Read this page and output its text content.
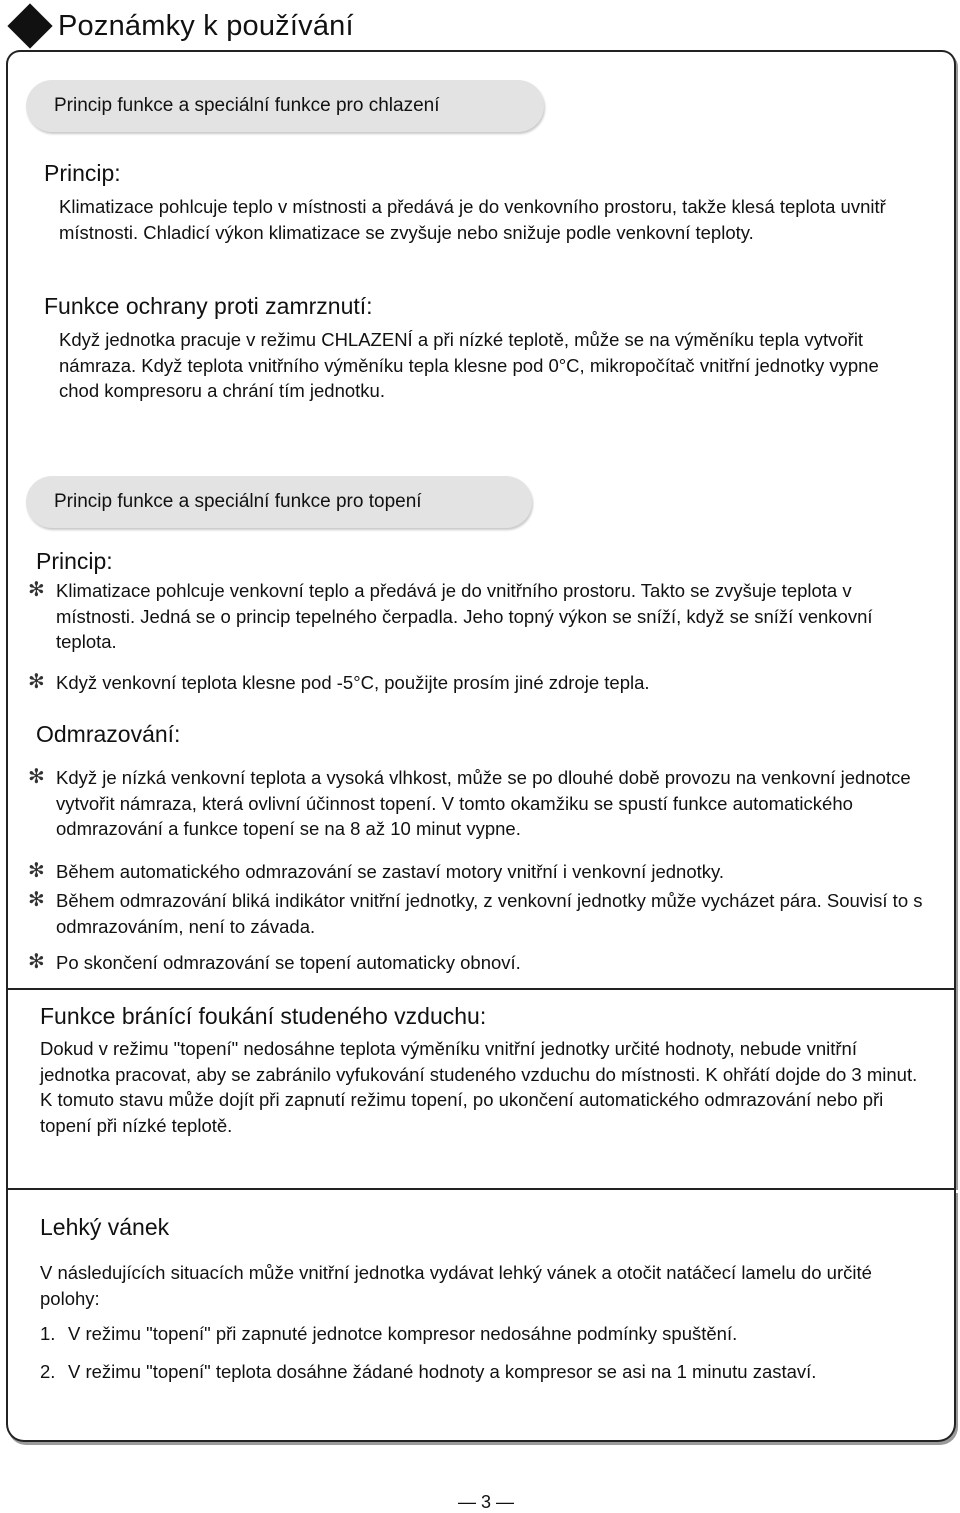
Poznámky k používání
Princip funkce a speciální funkce pro chlazení
Princip:
Klimatizace pohlcuje teplo v místnosti a předává je do venkovního prostoru, takže klesá teplota uvnitř místnosti. Chladicí výkon klimatizace se zvyšuje nebo snižuje podle venkovní teploty.
Funkce ochrany proti zamrznutí:
Když jednotka pracuje v režimu CHLAZENÍ a při nízké teplotě, může se na výměníku tepla vytvořit námraza. Když teplota vnitřního výměníku tepla klesne pod 0°C, mikropočítač vnitřní jednotky vypne chod kompresoru a chrání tím jednotku.
Princip funkce a speciální funkce pro topení
Princip:
✻ Klimatizace pohlcuje venkovní teplo a předává je do vnitřního prostoru. Takto se zvyšuje teplota v místnosti. Jedná se o princip tepelného čerpadla. Jeho topný výkon se sníží, když se sníží venkovní teplota.
✻ Když venkovní teplota klesne pod -5°C, použijte prosím jiné zdroje tepla.
Odmrazování:
✻ Když je nízká venkovní teplota a vysoká vlhkost, může se po dlouhé době provozu na venkovní jednotce vytvořit námraza, která ovlivní účinnost topení. V tomto okamžiku se spustí funkce automatického odmrazování a funkce topení se na 8 až 10 minut vypne.
✻ Během automatického odmrazování se zastaví motory vnitřní i venkovní jednotky.
✻ Během odmrazování bliká indikátor vnitřní jednotky, z venkovní jednotky může vycházet pára. Souvisí to s odmrazováním, není to závada.
✻ Po skončení odmrazování se topení automaticky obnoví.
Funkce bránící foukání studeného vzduchu:
Dokud v režimu "topení" nedosáhne teplota výměníku vnitřní jednotky určité hodnoty, nebude vnitřní jednotka pracovat, aby se zabránilo vyfukování studeného vzduchu do místnosti. K ohřátí dojde do 3 minut. K tomuto stavu může dojít při zapnutí režimu topení, po ukončení automatického odmrazování nebo při topení při nízké teplotě.
Lehký vánek
V následujících situacích může vnitřní jednotka vydávat lehký vánek a otočit natáčecí lamelu do určité polohy:
1. V režimu "topení" při zapnuté jednotce kompresor nedosáhne podmínky spuštění.
2. V režimu "topení" teplota dosáhne žádané hodnoty a kompresor se asi na 1 minutu zastaví.
— 3 —
